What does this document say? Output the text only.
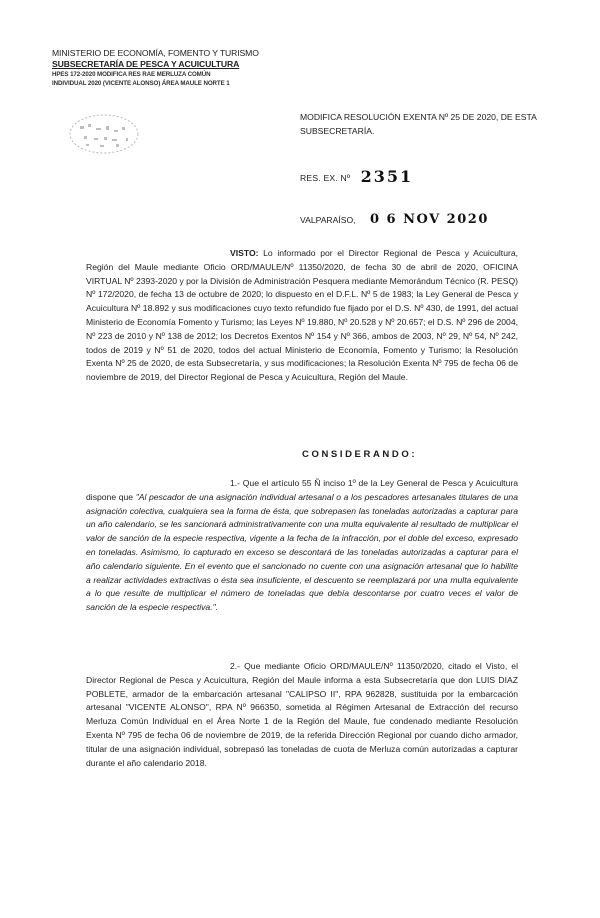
MINISTERIO DE ECONOMÍA, FOMENTO Y TURISMO
SUBSECRETARÍA DE PESCA Y ACUICULTURA
HPES 172-2020 MODIFICA RES RAE MERLUZA COMÚN
INDIVIDUAL 2020 (VICENTE ALONSO) ÁREA MAULE NORTE 1
MODIFICA RESOLUCIÓN EXENTA Nº 25 DE 2020, DE ESTA SUBSECRETARÍA.
RES. EX. Nº 2351
VALPARAÍSO, 0 6 NOV 2020
VISTO: Lo informado por el Director Regional de Pesca y Acuicultura, Región del Maule mediante Oficio ORD/MAULE/Nº 11350/2020, de fecha 30 de abril de 2020, OFICINA VIRTUAL Nº 2393-2020 y por la División de Administración Pesquera mediante Memorándum Técnico (R. PESQ) Nº 172/2020, de fecha 13 de octubre de 2020; lo dispuesto en el D.F.L. Nº 5 de 1983; la Ley General de Pesca y Acuicultura Nº 18.892 y sus modificaciones cuyo texto refundido fue fijado por el D.S. Nº 430, de 1991, del actual Ministerio de Economía Fomento y Turismo; las Leyes Nº 19.880, Nº 20.528 y Nº 20.657; el D.S. Nº 296 de 2004, Nº 223 de 2010 y Nº 138 de 2012; los Decretos Exentos Nº 154 y Nº 366, ambos de 2003, Nº 29, Nº 54, Nº 242, todos de 2019 y Nº 51 de 2020, todos del actual Ministerio de Economía, Fomento y Turismo; la Resolución Exenta Nº 25 de 2020, de esta Subsecretaría, y sus modificaciones; la Resolución Exenta Nº 795 de fecha 06 de noviembre de 2019, del Director Regional de Pesca y Acuicultura, Región del Maule.
CONSIDERANDO:
1.- Que el artículo 55 Ñ inciso 1º de la Ley General de Pesca y Acuicultura dispone que "Al pescador de una asignación individual artesanal o a los pescadores artesanales titulares de una asignación colectiva, cualquiera sea la forma de ésta, que sobrepasen las toneladas autorizadas a capturar para un año calendario, se les sancionará administrativamente con una multa equivalente al resultado de multiplicar el valor de sanción de la especie respectiva, vigente a la fecha de la infracción, por el doble del exceso, expresado en toneladas. Asimismo, lo capturado en exceso se descontará de las toneladas autorizadas a capturar para el año calendario siguiente. En el evento que el sancionado no cuente con una asignación artesanal que lo habilite a realizar actividades extractivas o ésta sea insuficiente, el descuento se reemplazará por una multa equivalente a lo que resulte de multiplicar el número de toneladas que debía descontarse por cuatro veces el valor de sanción de la especie respectiva.".
2.- Que mediante Oficio ORD/MAULE/Nº 11350/2020, citado el Visto, el Director Regional de Pesca y Acuicultura, Región del Maule informa a esta Subsecretaría que don LUIS DIAZ POBLETE, armador de la embarcación artesanal "CALIPSO II", RPA 962828, sustituida por la embarcación artesanal "VICENTE ALONSO", RPA Nº 966350, sometida al Régimen Artesanal de Extracción del recurso Merluza Común Individual en el Área Norte 1 de la Región del Maule, fue condenado mediante Resolución Exenta Nº 795 de fecha 06 de noviembre de 2019, de la referida Dirección Regional por cuando dicho armador, titular de una asignación individual, sobrepasó las toneladas de cuota de Merluza común autorizadas a capturar durante el año calendario 2018.
